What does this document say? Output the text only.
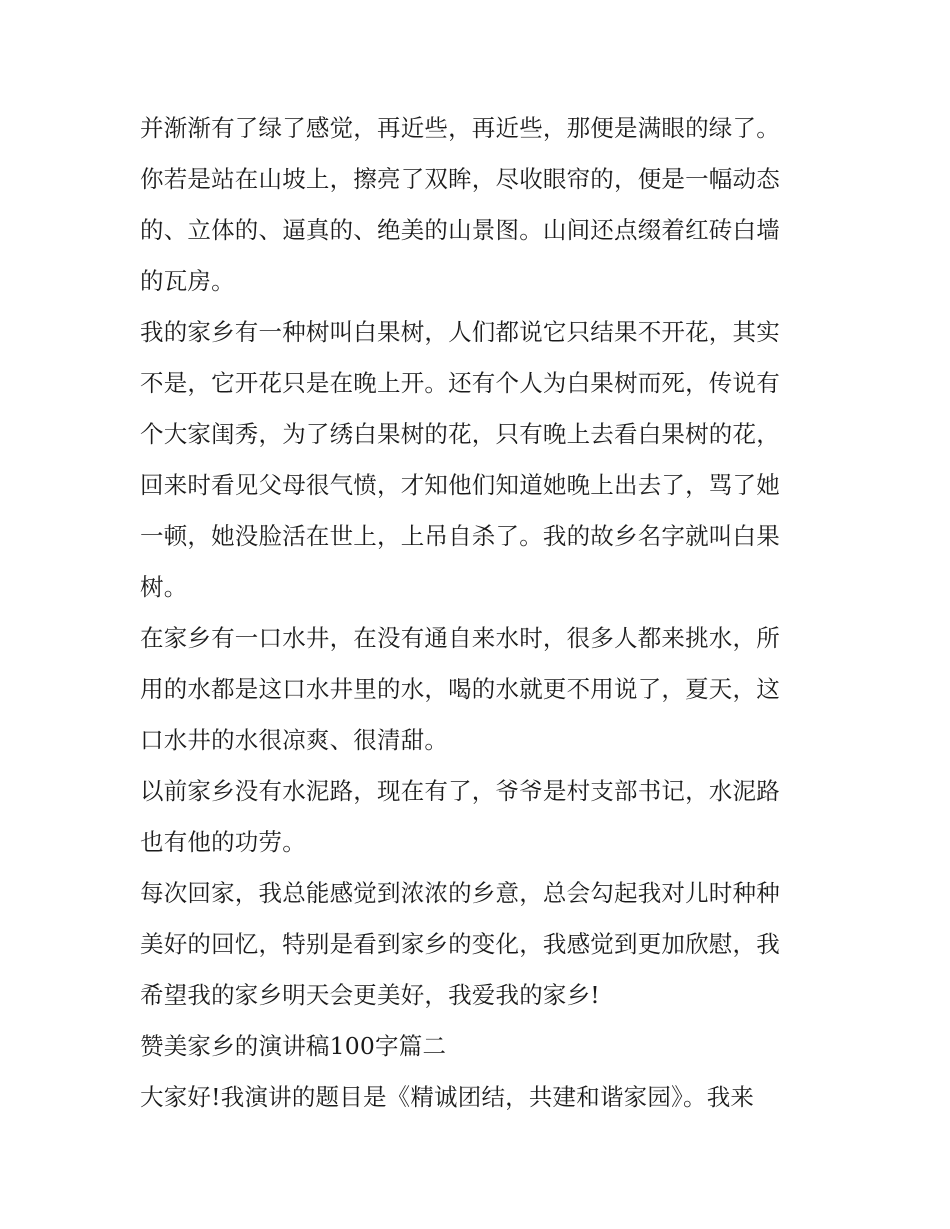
并渐渐有了绿了感觉，再近些，再近些，那便是满眼的绿了。
你若是站在山坡上，擦亮了双眸，尽收眼帘的，便是一幅动态
的、立体的、逼真的、绝美的山景图。山间还点缀着红砖白墙
的瓦房。
我的家乡有一种树叫白果树，人们都说它只结果不开花，其实
不是，它开花只是在晚上开。还有个人为白果树而死，传说有
个大家闺秀，为了绣白果树的花，只有晚上去看白果树的花，
回来时看见父母很气愤，才知他们知道她晚上出去了，骂了她
一顿，她没脸活在世上，上吊自杀了。我的故乡名字就叫白果
树。
在家乡有一口水井，在没有通自来水时，很多人都来挑水，所
用的水都是这口水井里的水，喝的水就更不用说了，夏天，这
口水井的水很凉爽、很清甜。
以前家乡没有水泥路，现在有了，爷爷是村支部书记，水泥路
也有他的功劳。
每次回家，我总能感觉到浓浓的乡意，总会勾起我对儿时种种
美好的回忆，特别是看到家乡的变化，我感觉到更加欣慰，我
希望我的家乡明天会更美好，我爱我的家乡!
赞美家乡的演讲稿100字篇二
大家好!我演讲的题目是《精诚团结，共建和谐家园》。我来
